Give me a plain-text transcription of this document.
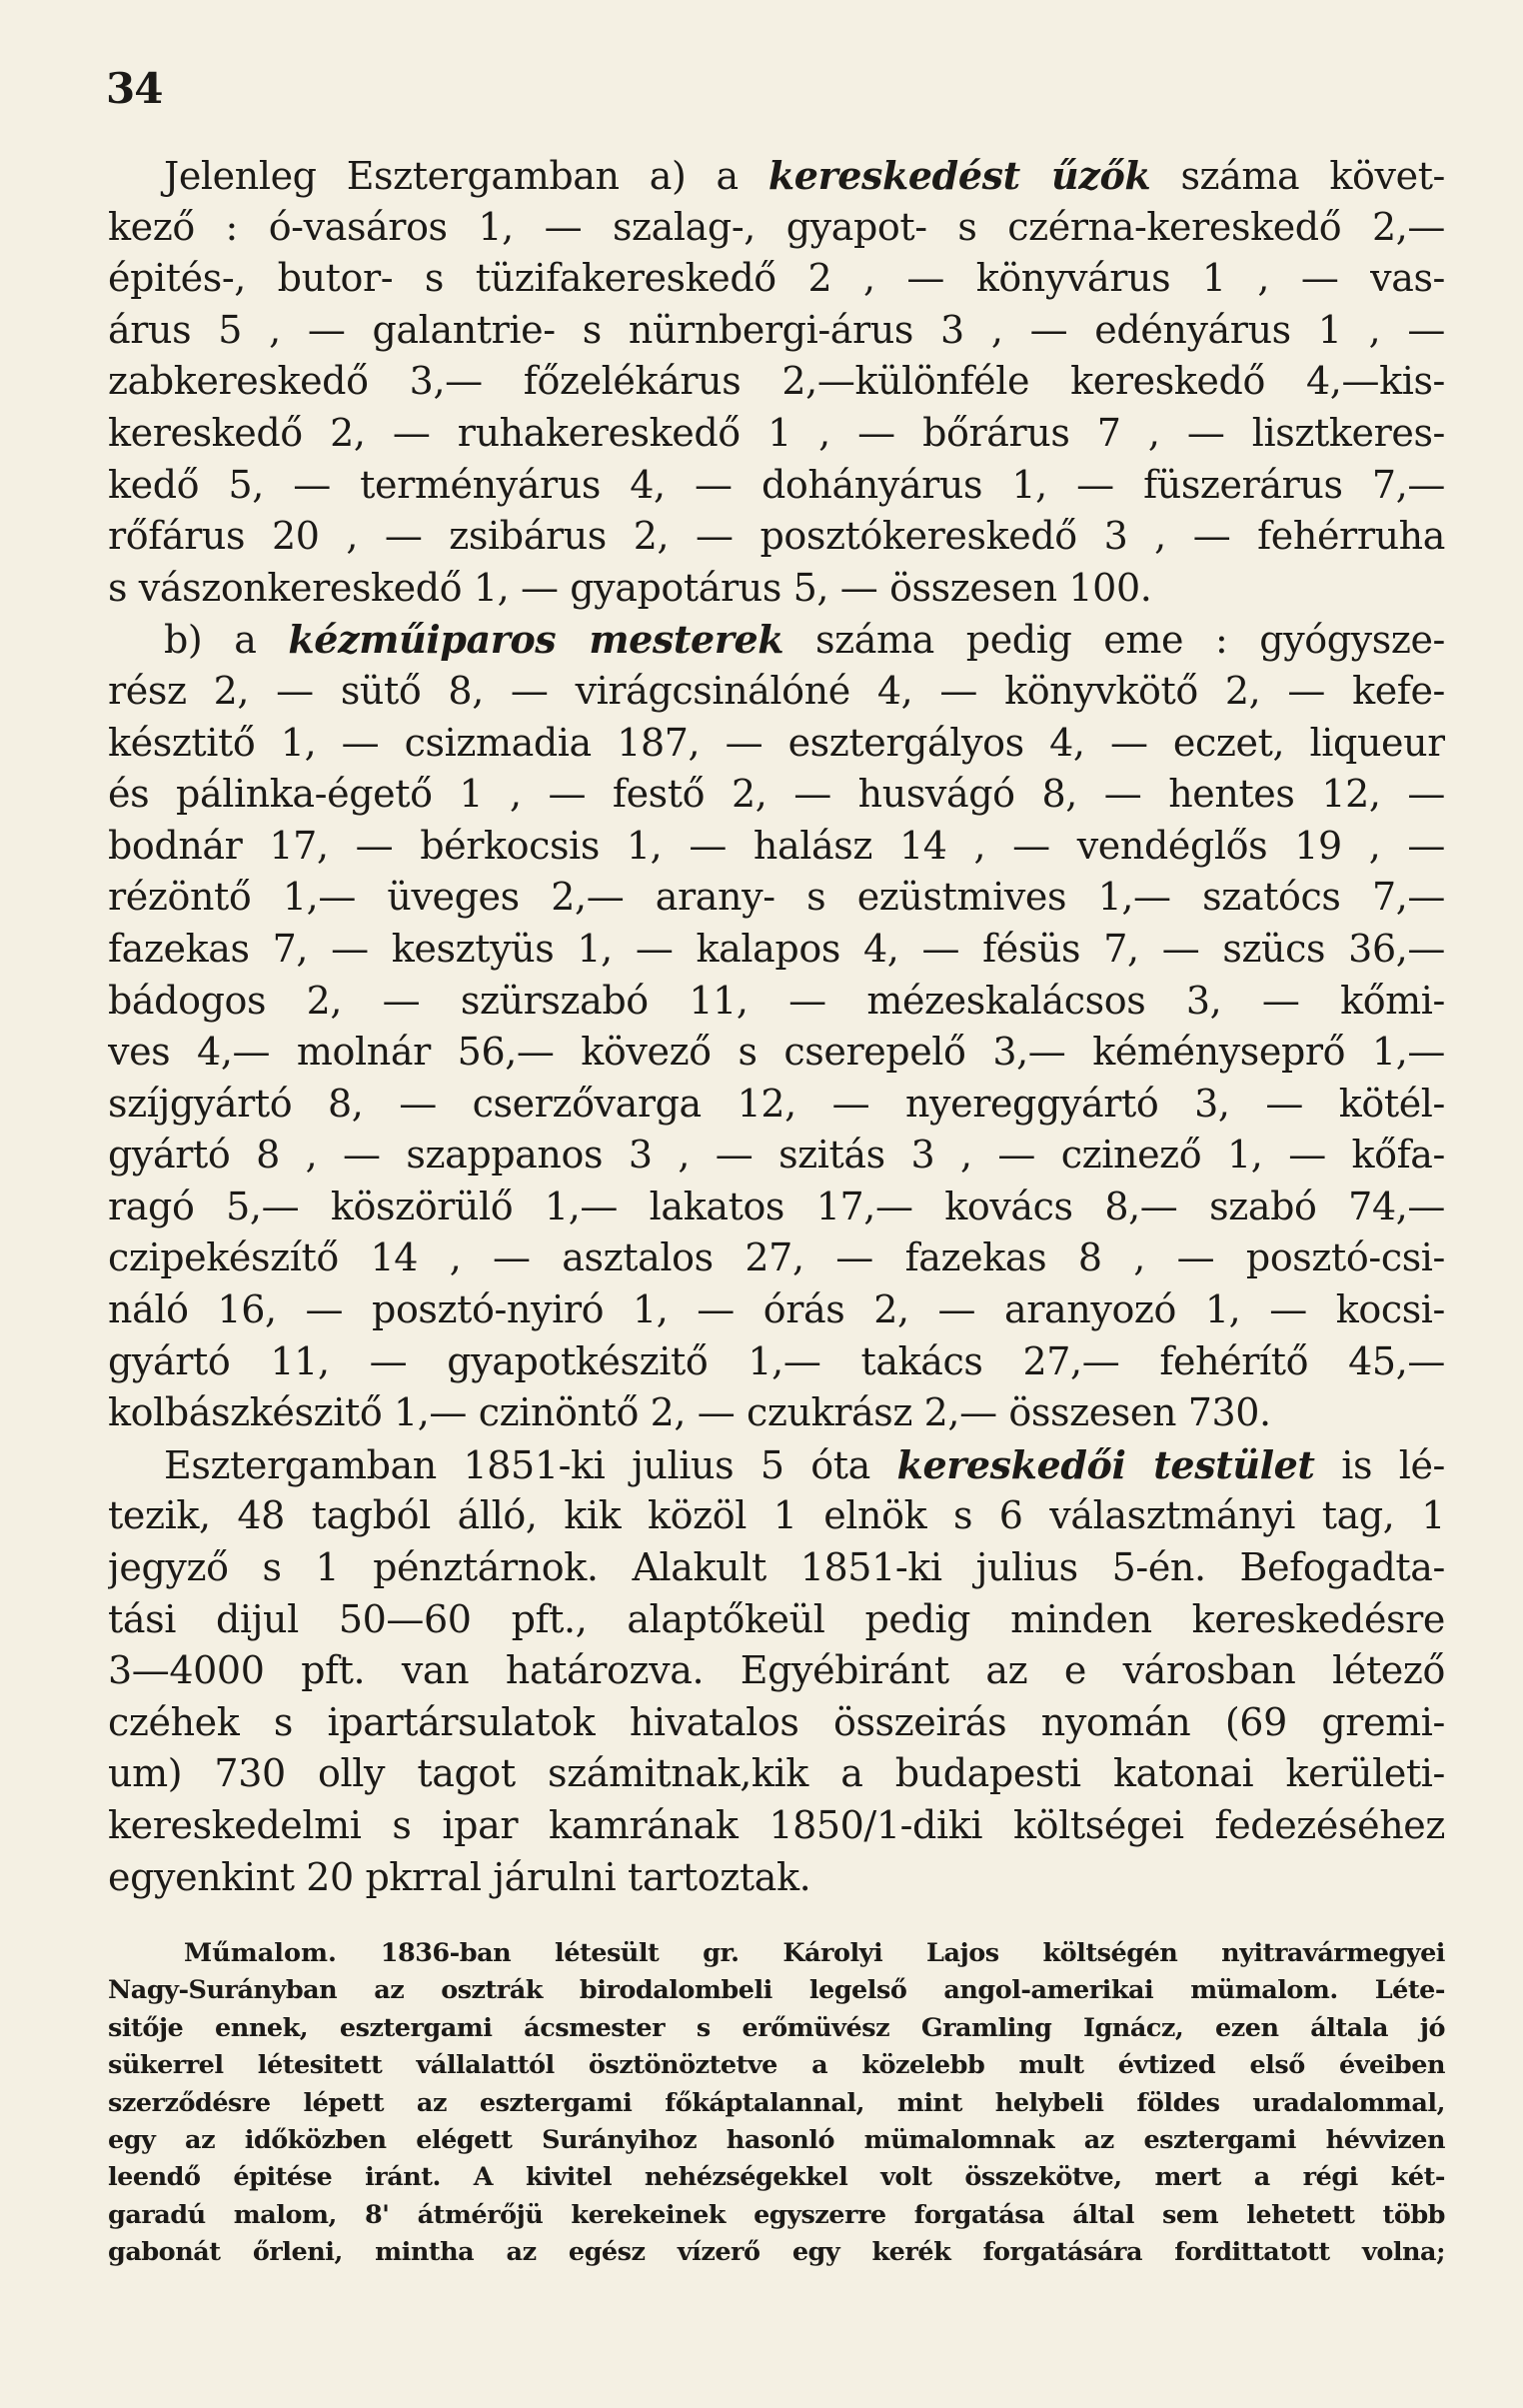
34
Jelenleg Esztergamban a) a kereskedést űzők száma követ-
kező : ó-vasáros 1, — szalag-, gyapot- s czérna-kereskedő 2,—
épités-, butor- s tüzifakereskedő 2 , — könyvárus 1 , — vas-
árus 5 , — galantrie- s nürnbergi-árus 3 , — edényárus 1 , —
zabkereskedő 3,— főzelékárus 2,—különféle kereskedő 4,—kis-
kereskedő 2, — ruhakereskedő 1 , — bőrárus 7 , — lisztkeres-
kedő 5, — terményárus 4, — dohányárus 1, — füszerárus 7,—
rőfárus 20 , — zsibárus 2, — posztókereskedő 3 , — fehérruha
s vászonkereskedő 1, — gyapotárus 5, — összesen 100.
b) a kézműiparos mesterek száma pedig eme : gyógysze-
rész 2, — sütő 8, — virágcsinálóné 4, — könyvkötő 2, — kefe-
késztitő 1, — csizmadia 187, — esztergályos 4, — eczet, liqueur
és pálinka-égető 1 , — festő 2, — husvágó 8, — hentes 12, —
bodnár 17, — bérkocsis 1, — halász 14 , — vendéglős 19 , —
rézöntő 1,— üveges 2,— arany- s ezüstmives 1,— szatócs 7,—
fazekas 7, — kesztyüs 1, — kalapos 4, — fésüs 7, — szücs 36,—
bádogos 2, — szürszabó 11, — mézeskalácsos 3, — kőmi-
ves 4,— molnár 56,— kövező s cserepelő 3,— kéményseprő 1,—
szíjgyártó 8, — cserzővarga 12, — nyereggyártó 3, — kötél-
gyártó 8 , — szappanos 3 , — szitás 3 , — czinező 1, — kőfa-
ragó 5,— köszörülő 1,— lakatos 17,— kovács 8,— szabó 74,—
czipekészítő 14 , — asztalos 27, — fazekas 8 , — posztó-csi-
náló 16, — posztó-nyiró 1, — órás 2, — aranyozó 1, — kocsi-
gyártó 11, — gyapotkészitő 1,— takács 27,— fehérítő 45,—
kolbászkészitő 1,— czinöntő 2, — czukrász 2,— összesen 730.
Esztergamban 1851-ki julius 5 óta kereskedői testület is lé-
tezik, 48 tagból álló, kik közöl 1 elnök s 6 választmányi tag, 1
jegyző s 1 pénztárnok. Alakult 1851-ki julius 5-én. Befogadta-
tási dijul 50—60 pft., alaptőkeül pedig minden kereskedésre
3—4000 pft. van határozva. Egyébiránt az e városban létező
czéhek s ipartársulatok hivatalos összeirás nyomán (69 gremi-
um) 730 olly tagot számitnak,kik a budapesti katonai kerületi-
kereskedelmi s ipar kamrának 1850/1-diki költségei fedezéséhez
egyenkint 20 pkrral járulni tartoztak.
Műmalom. 1836-ban létesült gr. Károlyi Lajos költségén nyitravármegyei
Nagy-Surányban az osztrák birodalombeli legelső angol-amerikai mümalom. Léte-
sitője ennek, esztergami ácsmester s erőmüvész Gramling Ignácz, ezen általa jó
sükerrel létesitett vállalattól ösztönöztetve a közelebb mult évtized első éveiben
szerződésre lépett az esztergami főkáptalannal, mint helybeli földes uradalommal,
egy az időközben elégett Surányihoz hasonló mümalomnak az esztergami hévvizen
leendő épitése iránt. A kivitel nehézségekkel volt összekötve, mert a régi két-
garadú malom, 8' átmérőjü kerekeinek egyszerre forgatása által sem lehetett több
gabonát őrleni, mintha az egész vízerő egy kerék forgatására fordittatott volna;
